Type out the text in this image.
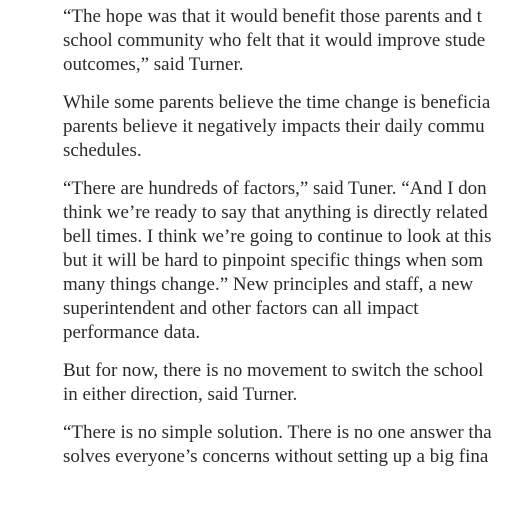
“The hope was that it would benefit those parents and t
school community who felt that it would improve stude
outcomes,” said Turner.

While some parents believe the time change is beneficia
parents believe it negatively impacts their daily commu
schedules.

“There are hundreds of factors,” said Tuner. “And I don
think we’re ready to say that anything is directly related
bell times. I think we’re going to continue to look at this
but it will be hard to pinpoint specific things when som
many things change.” New principles and staff, a new
superintendent and other factors can all impact
performance data.

But for now, there is no movement to switch the school
in either direction, said Turner.

“There is no simple solution. There is no one answer tha
solves everyone’s concerns without setting up a big fina
